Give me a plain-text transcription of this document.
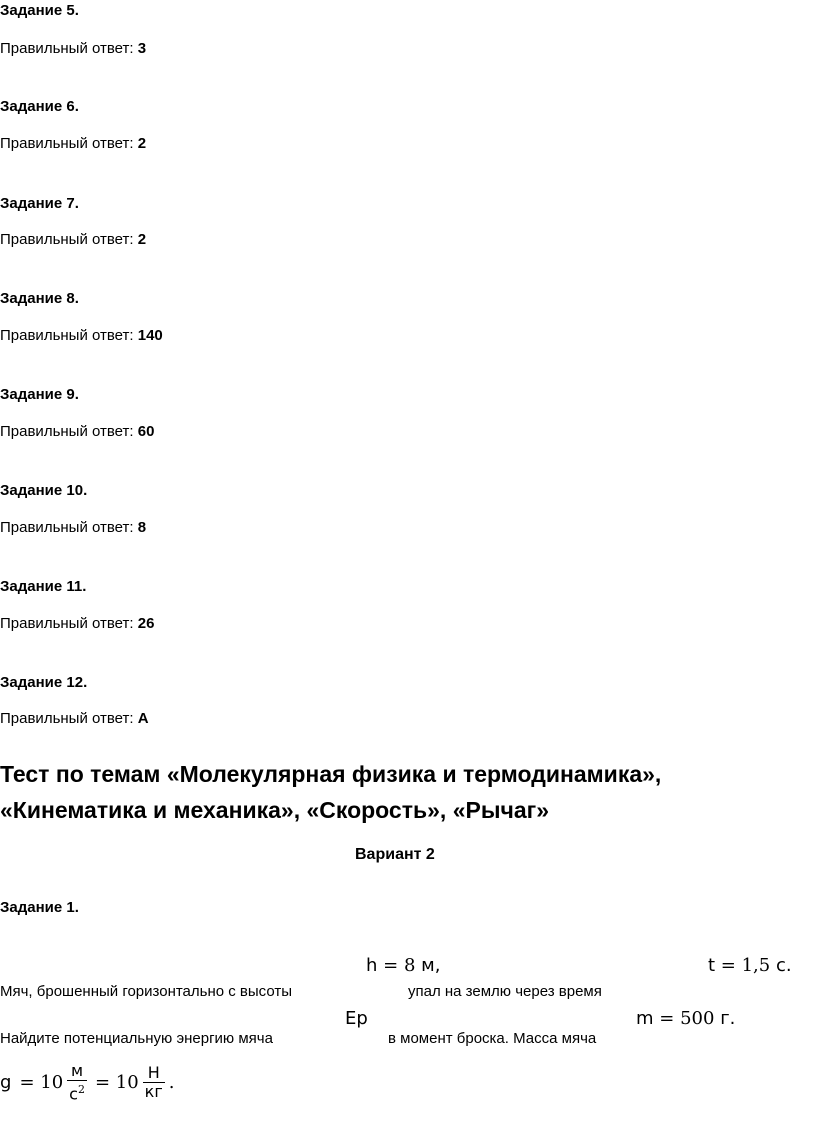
Задание 5.
Правильный ответ: 3
Задание 6.
Правильный ответ: 2
Задание 7.
Правильный ответ: 2
Задание 8.
Правильный ответ: 140
Задание 9.
Правильный ответ: 60
Задание 10.
Правильный ответ: 8
Задание 11.
Правильный ответ: 26
Задание 12.
Правильный ответ: А
Тест по темам «Молекулярная физика и термодинамика», «Кинематика и механика», «Скорость», «Рычаг»
Вариант 2
Задание 1.
Мяч, брошенный горизонтально с высоты
h = 8 м,
упал на землю через время
t = 1,5 с.
Найдите потенциальную энергию мяча
Ep
в момент броска. Масса мяча
m = 500 г.
$g = 10 \frac{м}{с^2} = 10 \frac{Н}{кг}$ .
